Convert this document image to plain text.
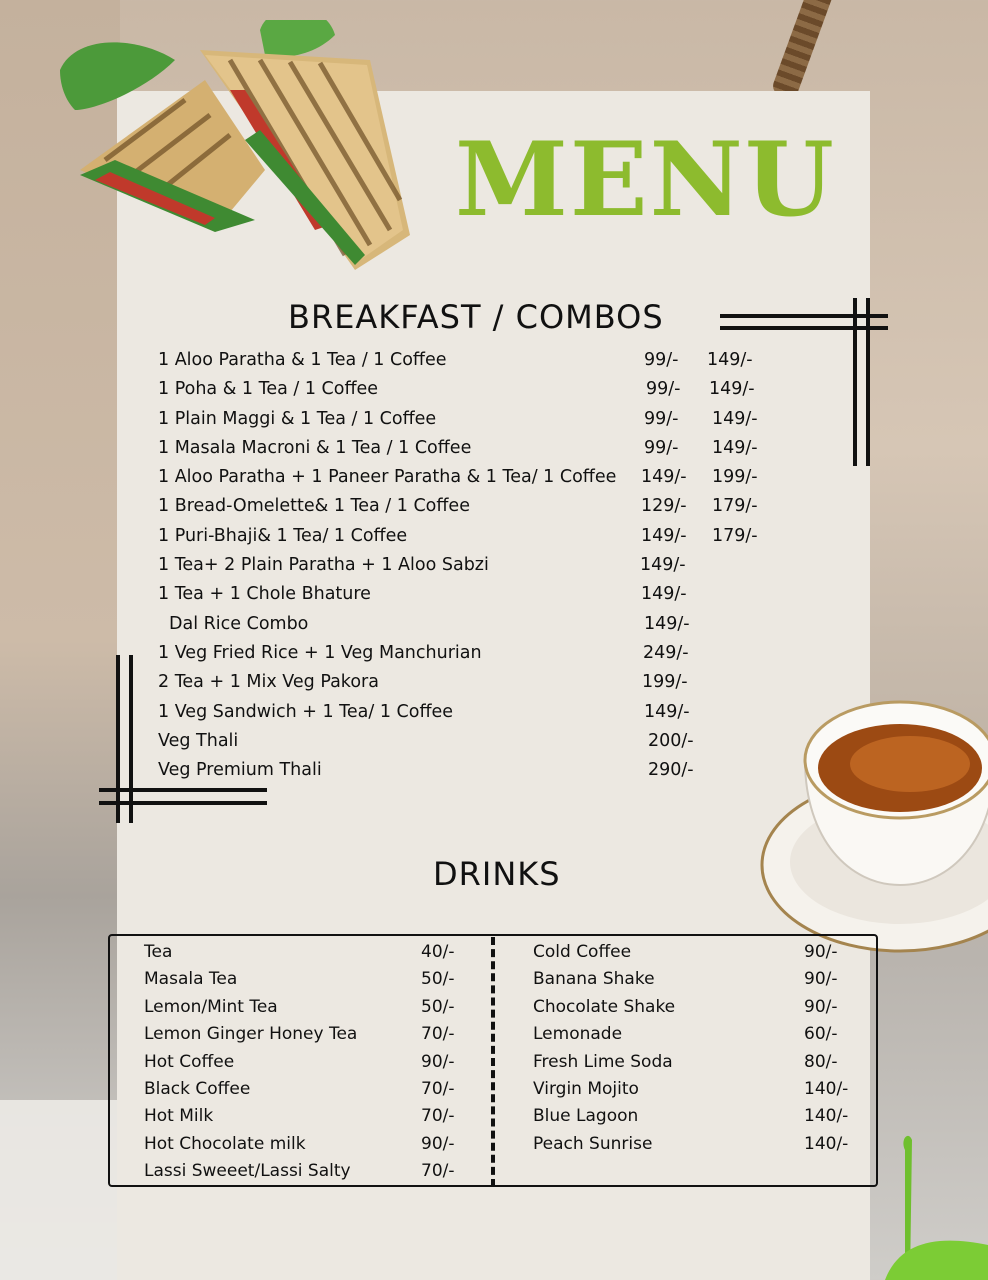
MENU
BREAKFAST / COMBOS
1 Aloo Paratha & 1 Tea / 1 Coffee	99/- 149/-
1 Poha & 1 Tea / 1 Coffee	99/- 149/-
1 Plain Maggi & 1 Tea / 1 Coffee	99/- 149/-
1 Masala Macroni & 1 Tea / 1 Coffee	99/- 149/-
1 Aloo Paratha + 1 Paneer Paratha & 1 Tea/ 1 Coffee 149/- 199/-
1 Bread-Omelette& 1 Tea / 1 Coffee	129/- 179/-
1 Puri-Bhaji& 1 Tea/ 1 Coffee	149/- 179/-
1 Tea+ 2 Plain Paratha + 1 Aloo Sabzi	149/-
1 Tea + 1 Chole Bhature	149/-
Dal Rice Combo	149/-
1 Veg Fried Rice + 1 Veg Manchurian	249/-
2 Tea + 1 Mix Veg Pakora	199/-
1 Veg Sandwich + 1 Tea/ 1 Coffee	149/-
Veg Thali	200/-
Veg Premium Thali	290/-
DRINKS
Tea	40/-
Masala Tea	50/-
Lemon/Mint Tea	50/-
Lemon Ginger Honey Tea	70/-
Hot Coffee	90/-
Black Coffee	70/-
Hot Milk	70/-
Hot Chocolate milk	90/-
Lassi Sweeet/Lassi Salty	70/-
Cold Coffee	90/-
Banana Shake	90/-
Chocolate Shake	90/-
Lemonade	60/-
Fresh Lime Soda	80/-
Virgin Mojito	140/-
Blue Lagoon	140/-
Peach Sunrise	140/-
